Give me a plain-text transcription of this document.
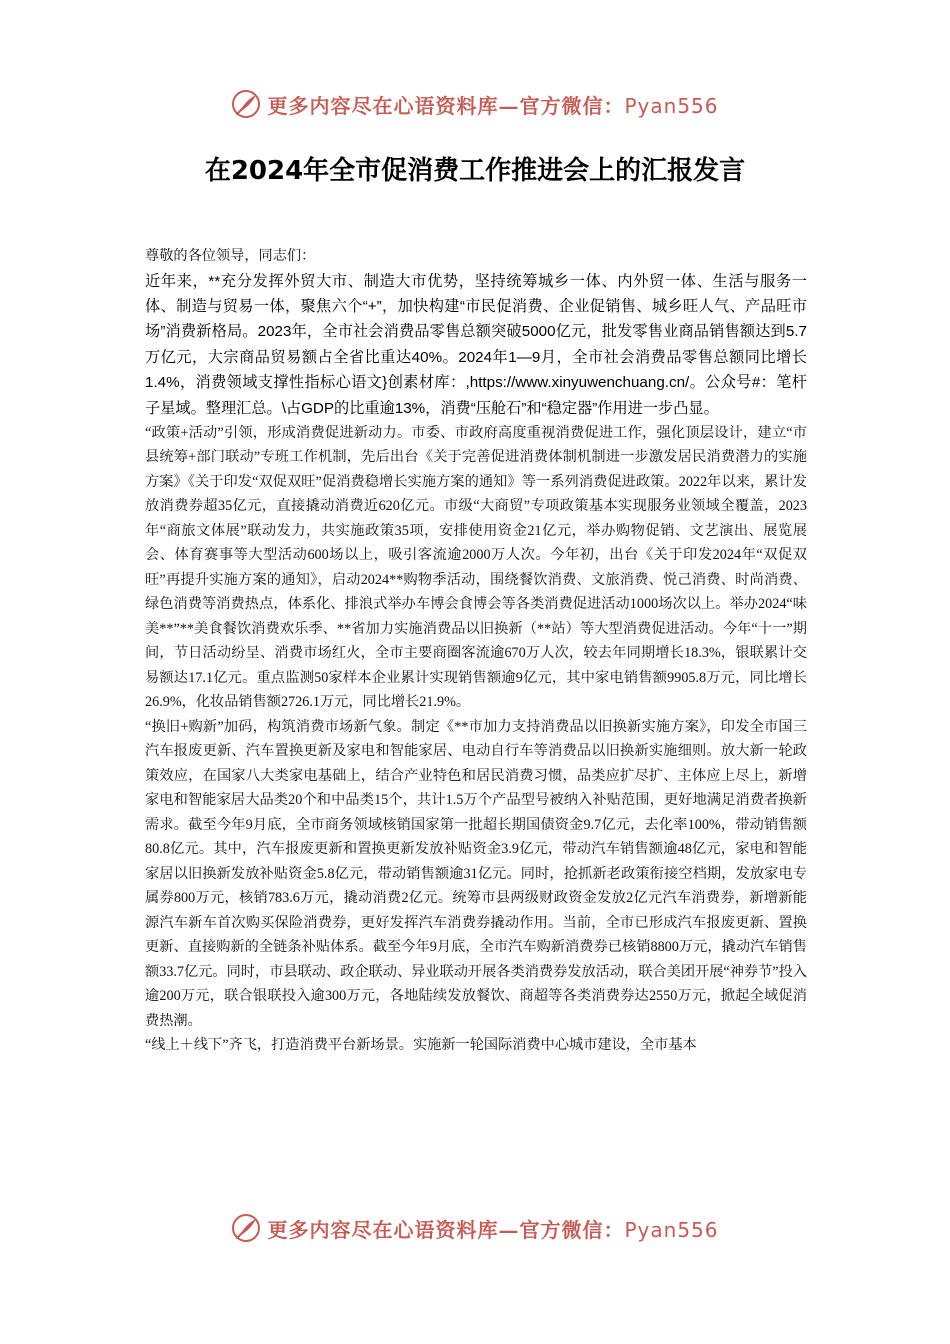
更多内容尽在心语资料库—官方微信：Pyan556
在2024年全市促消费工作推进会上的汇报发言

尊敬的各位领导，同志们：

近年来，**充分发挥外贸大市、制造大市优势，坚持统筹城乡一体、内外贸一体、生活与服务一体、制造与贸易一体，聚焦六个“+”，加快构建“市民促消费、企业促销售、城乡旺人气、产品旺市场”消费新格局。2023年，全市社会消费品零售总额突破5000亿元，批发零售业商品销售额达到5.7万亿元，大宗商品贸易额占全省比重达40%。2024年1—9月，全市社会消费品零售总额同比增长1.4%，消费领域支撑性指标心语文}创素材库：,https://www.xinyuwenchuang.cn/。公众号#：笔杆子星域。整理汇总。\占GDP的比重逾13%，消费“压舱石”和“稳定器”作用进一步凸显。

“政策+活动”引领，形成消费促进新动力。市委、市政府高度重视消费促进工作，强化顶层设计，建立“市县统筹+部门联动”专班工作机制，先后出台《关于完善促进消费体制机制进一步激发居民消费潜力的实施方案》《关于印发“双促双旺”促消费稳增长实施方案的通知》等一系列消费促进政策。2022年以来，累计发放消费券超35亿元，直接撬动消费近620亿元。市级“大商贸”专项政策基本实现服务业领域全覆盖，2023年“商旅文体展”联动发力，共实施政策35项，安排使用资金21亿元，举办购物促销、文艺演出、展览展会、体育赛事等大型活动600场以上，吸引客流逾2000万人次。今年初，出台《关于印发2024年“双促双旺”再提升实施方案的通知》，启动2024**购物季活动，围绕餐饮消费、文旅消费、悦己消费、时尚消费、绿色消费等消费热点，体系化、排浪式举办车博会食博会等各类消费促进活动1000场次以上。举办2024“味美**”**美食餐饮消费欢乐季、**省加力实施消费品以旧换新（**站）等大型消费促进活动。今年“十一”期间，节日活动纷呈、消费市场红火，全市主要商圈客流逾670万人次，较去年同期增长18.3%，银联累计交易额达17.1亿元。重点监测50家样本企业累计实现销售额逾9亿元，其中家电销售额9905.8万元，同比增长26.9%，化妆品销售额2726.1万元，同比增长21.9%。

“换旧+购新”加码，构筑消费市场新气象。制定《**市加力支持消费品以旧换新实施方案》，印发全市国三汽车报废更新、汽车置换更新及家电和智能家居、电动自行车等消费品以旧换新实施细则。放大新一轮政策效应，在国家八大类家电基础上，结合产业特色和居民消费习惯，品类应扩尽扩、主体应上尽上，新增家电和智能家居大品类20个和中品类15个，共计1.5万个产品型号被纳入补贴范围，更好地满足消费者换新需求。截至今年9月底，全市商务领域核销国家第一批超长期国债资金9.7亿元，去化率100%，带动销售额80.8亿元。其中，汽车报废更新和置换更新发放补贴资金3.9亿元，带动汽车销售额逾48亿元，家电和智能家居以旧换新发放补贴资金5.8亿元，带动销售额逾31亿元。同时，抢抓新老政策衔接空档期，发放家电专属券800万元，核销783.6万元，撬动消费2亿元。统筹市县两级财政资金发放2亿元汽车消费券，新增新能源汽车新车首次购买保险消费券，更好发挥汽车消费券撬动作用。当前，全市已形成汽车报废更新、置换更新、直接购新的全链条补贴体系。截至今年9月底，全市汽车购新消费券已核销8800万元，撬动汽车销售额33.7亿元。同时，市县联动、政企联动、异业联动开展各类消费券发放活动，联合美团开展“神券节”投入逾200万元，联合银联投入逾300万元，各地陆续发放餐饮、商超等各类消费券达2550万元，掀起全域促消费热潮。

“线上＋线下”齐飞，打造消费平台新场景。实施新一轮国际消费中心城市建设，全市基本

更多内容尽在心语资料库—官方微信：Pyan556
